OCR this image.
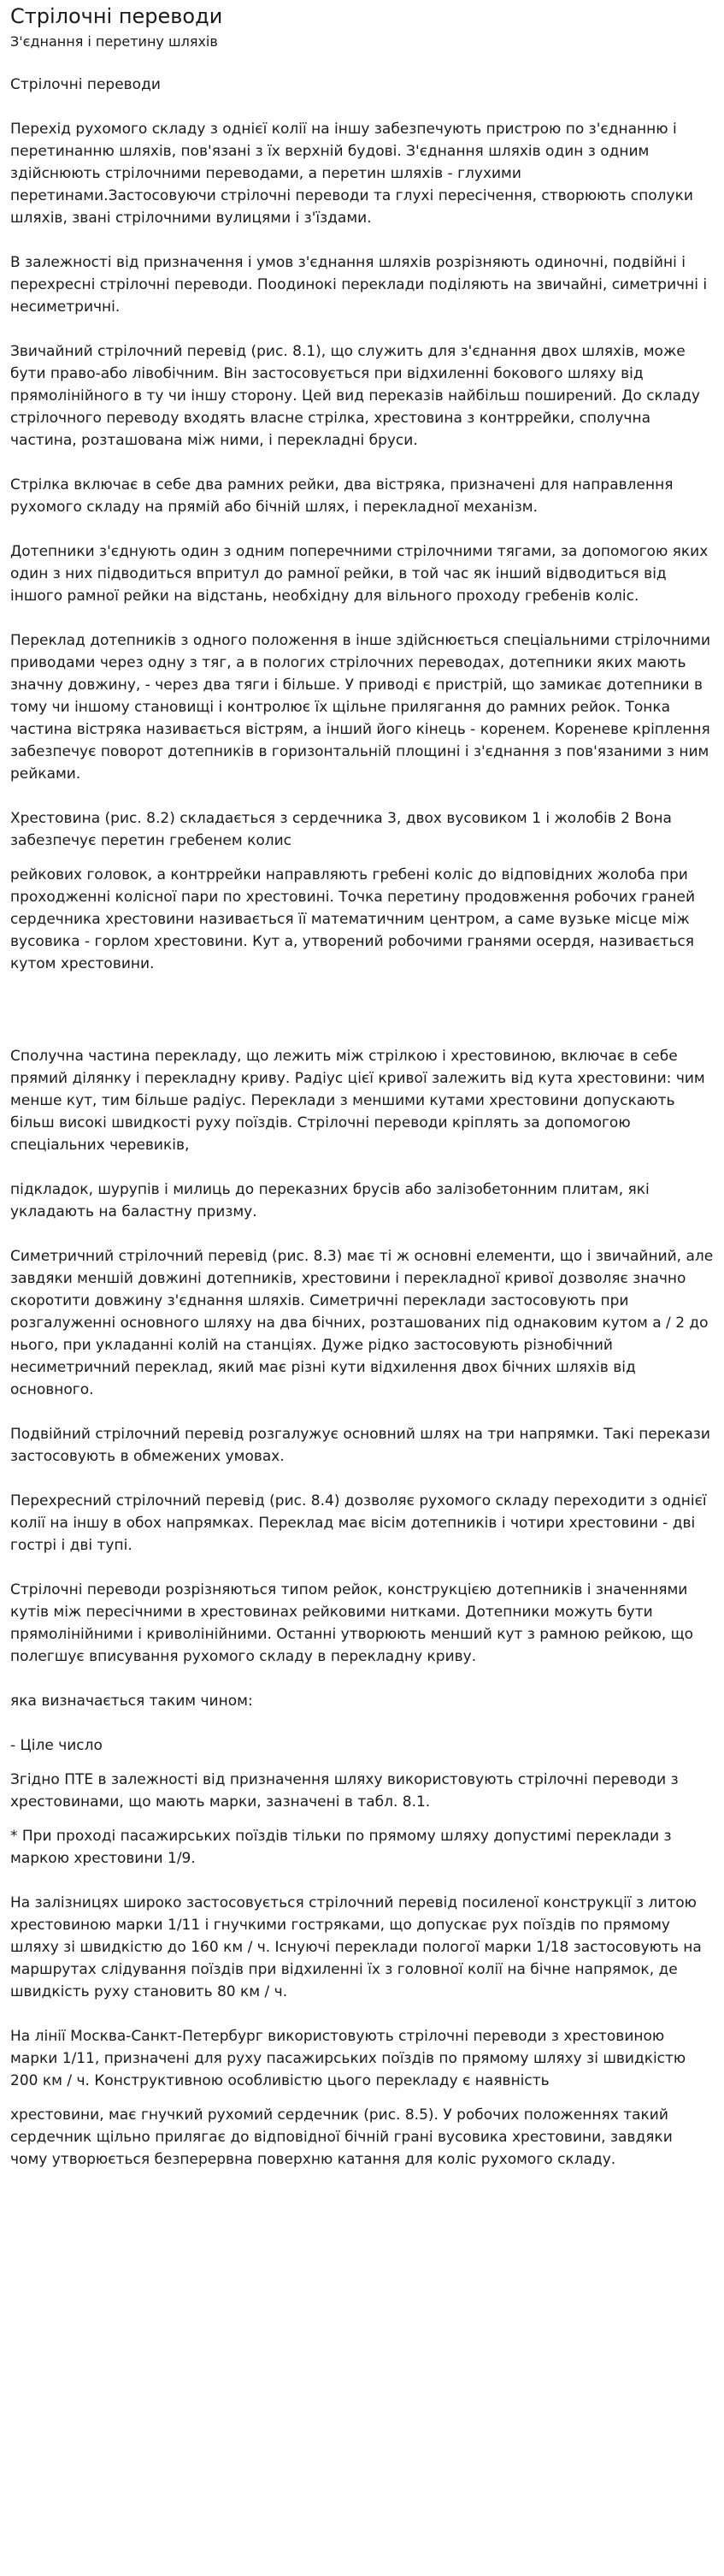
Стрілочні переводи
З'єднання і перетину шляхів

Стрілочні переводи

Перехід рухомого складу з однієї колії на іншу забезпечують пристрою по з'єднанню і перетинанню шляхів, пов'язані з їх верхній будові. З'єднання шляхів один з одним здійснюють стрілочними переводами, а перетин шляхів - глухими перетинами.Застосовуючи стрілочні переводи та глухі пересічення, створюють сполуки шляхів, звані стрілочними вулицями і з'їздами.

В залежності від призначення і умов з'єднання шляхів розрізняють одиночні, подвійні і перехресні стрілочні переводи. Поодинокі переклади поділяють на звичайні, симетричні і несиметричні.

Звичайний стрілочний перевід (рис. 8.1), що служить для з'єднання двох шляхів, може бути право-або лівобічним. Він застосовується при відхиленні бокового шляху від прямолінійного в ту чи іншу сторону. Цей вид переказів найбільш поширений. До складу стрілочного переводу входять власне стрілка, хрестовина з контррейки, сполучна частина, розташована між ними, і перекладні бруси.

Стрілка включає в себе два рамних рейки, два вістряка, призначені для направлення рухомого складу на прямій або бічній шлях, і перекладної механізм.

Дотепники з'єднують один з одним поперечними стрілочними тягами, за допомогою яких один з них підводиться впритул до рамної рейки, в той час як інший відводиться від іншого рамної рейки на відстань, необхідну для вільного проходу гребенів коліс.

Переклад дотепників з одного положення в інше здійснюється спеціальними стрілочними приводами через одну з тяг, а в пологих стрілочних переводах, дотепники яких мають значну довжину, - через два тяги і більше. У приводі є пристрій, що замикає дотепники в тому чи іншому становищі і контролює їх щільне прилягання до рамних рейок. Тонка частина вістряка називається вістрям, а інший його кінець - коренем. Кореневе кріплення забезпечує поворот дотепників в горизонтальній площині і з'єднання з пов'язаними з ним рейками.

Хрестовина (рис. 8.2) складається з сердечника 3, двох вусовиком 1 і жолобів 2 Вона забезпечує перетин гребенем колис

рейкових головок, а контррейки направляють гребені коліс до відповідних жолоба при проходженні колісної пари по хрестовині. Точка перетину продовження робочих граней сердечника хрестовини називається її математичним центром, а саме вузьке місце між вусовика - горлом хрестовини. Кут а, утворений робочими гранями осердя, називається кутом хрестовини.

Сполучна частина перекладу, що лежить між стрілкою і хрестовиною, включає в себе прямий ділянку і перекладну криву. Радіус цієї кривої залежить від кута хрестовини: чим менше кут, тим більше радіус. Переклади з меншими кутами хрестовини допускають більш високі швидкості руху поїздів. Стрілочні переводи кріплять за допомогою спеціальних черевиків,

підкладок, шурупів і милиць до переказних брусів або залізобетонним плитам, які укладають на баластну призму.

Симетричний стрілочний перевід (рис. 8.3) має ті ж основні елементи, що і звичайний, але завдяки меншій довжині дотепників, хрестовини і перекладної кривої дозволяє значно скоротити довжину з'єднання шляхів. Симетричні переклади застосовують при розгалуженні основного шляху на два бічних, розташованих під однаковим кутом а / 2 до нього, при укладанні колій на станціях. Дуже рідко застосовують різнобічний несиметричний переклад, який має різні кути відхилення двох бічних шляхів від основного.

Подвійний стрілочний перевід розгалужує основний шлях на три напрямки. Такі перекази застосовують в обмежених умовах.

Перехресний стрілочний перевід (рис. 8.4) дозволяє рухомого складу переходити з однієї колії на іншу в обох напрямках. Переклад має вісім дотепників і чотири хрестовини - дві гострі і дві тупі.

Стрілочні переводи розрізняються типом рейок, конструкцією дотепників і значеннями кутів між пересічними в хрестовинах рейковими нитками. Дотепники можуть бути прямолінійними і криволінійними. Останні утворюють менший кут з рамною рейкою, що полегшує вписування рухомого складу в перекладну криву.

яка визначається таким чином:

- Ціле число

Згідно ПТЕ в залежності від призначення шляху використовують стрілочні переводи з хрестовинами, що мають марки, зазначені в табл. 8.1.

* При проході пасажирських поїздів тільки по прямому шляху допустимі переклади з маркою хрестовини 1/9.

На залізницях широко застосовується стрілочний перевід посиленої конструкції з литою хрестовиною марки 1/11 і гнучкими гостряками, що допускає рух поїздів по прямому шляху зі швидкістю до 160 км / ч. Існуючі переклади пологої марки 1/18 застосовують на маршрутах слідування поїздів при відхиленні їх з головної колії на бічне напрямок, де швидкість руху становить 80 км / ч.

На лінії Москва-Санкт-Петербург використовують стрілочні переводи з хрестовиною марки 1/11, призначені для руху пасажирських поїздів по прямому шляху зі швидкістю 200 км / ч. Конструктивною особливістю цього перекладу є наявність

хрестовини, має гнучкий рухомий сердечник (рис. 8.5). У робочих положеннях такий сердечник щільно прилягає до відповідної бічній грані вусовика хрестовини, завдяки чому утворюється безперервна поверхню катання для коліс рухомого складу.
